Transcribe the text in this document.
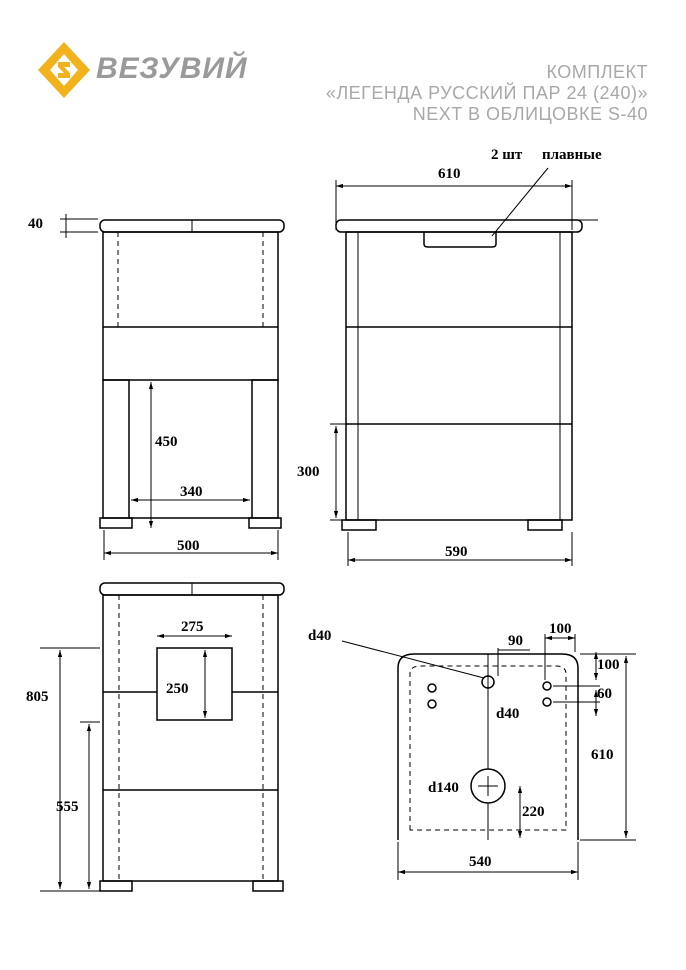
ВЕЗУВИЙ	КОМПЛЕКТ
«ЛЕГЕНДА РУССКИЙ ПАР 24 (240)»
NEXT В ОБЛИЦОВКЕ S-40
40
450
340
500
610
2 шт плавные
300
590
275
250
805
555
d40	90
100
100
60
d40
610
d140
220
540
